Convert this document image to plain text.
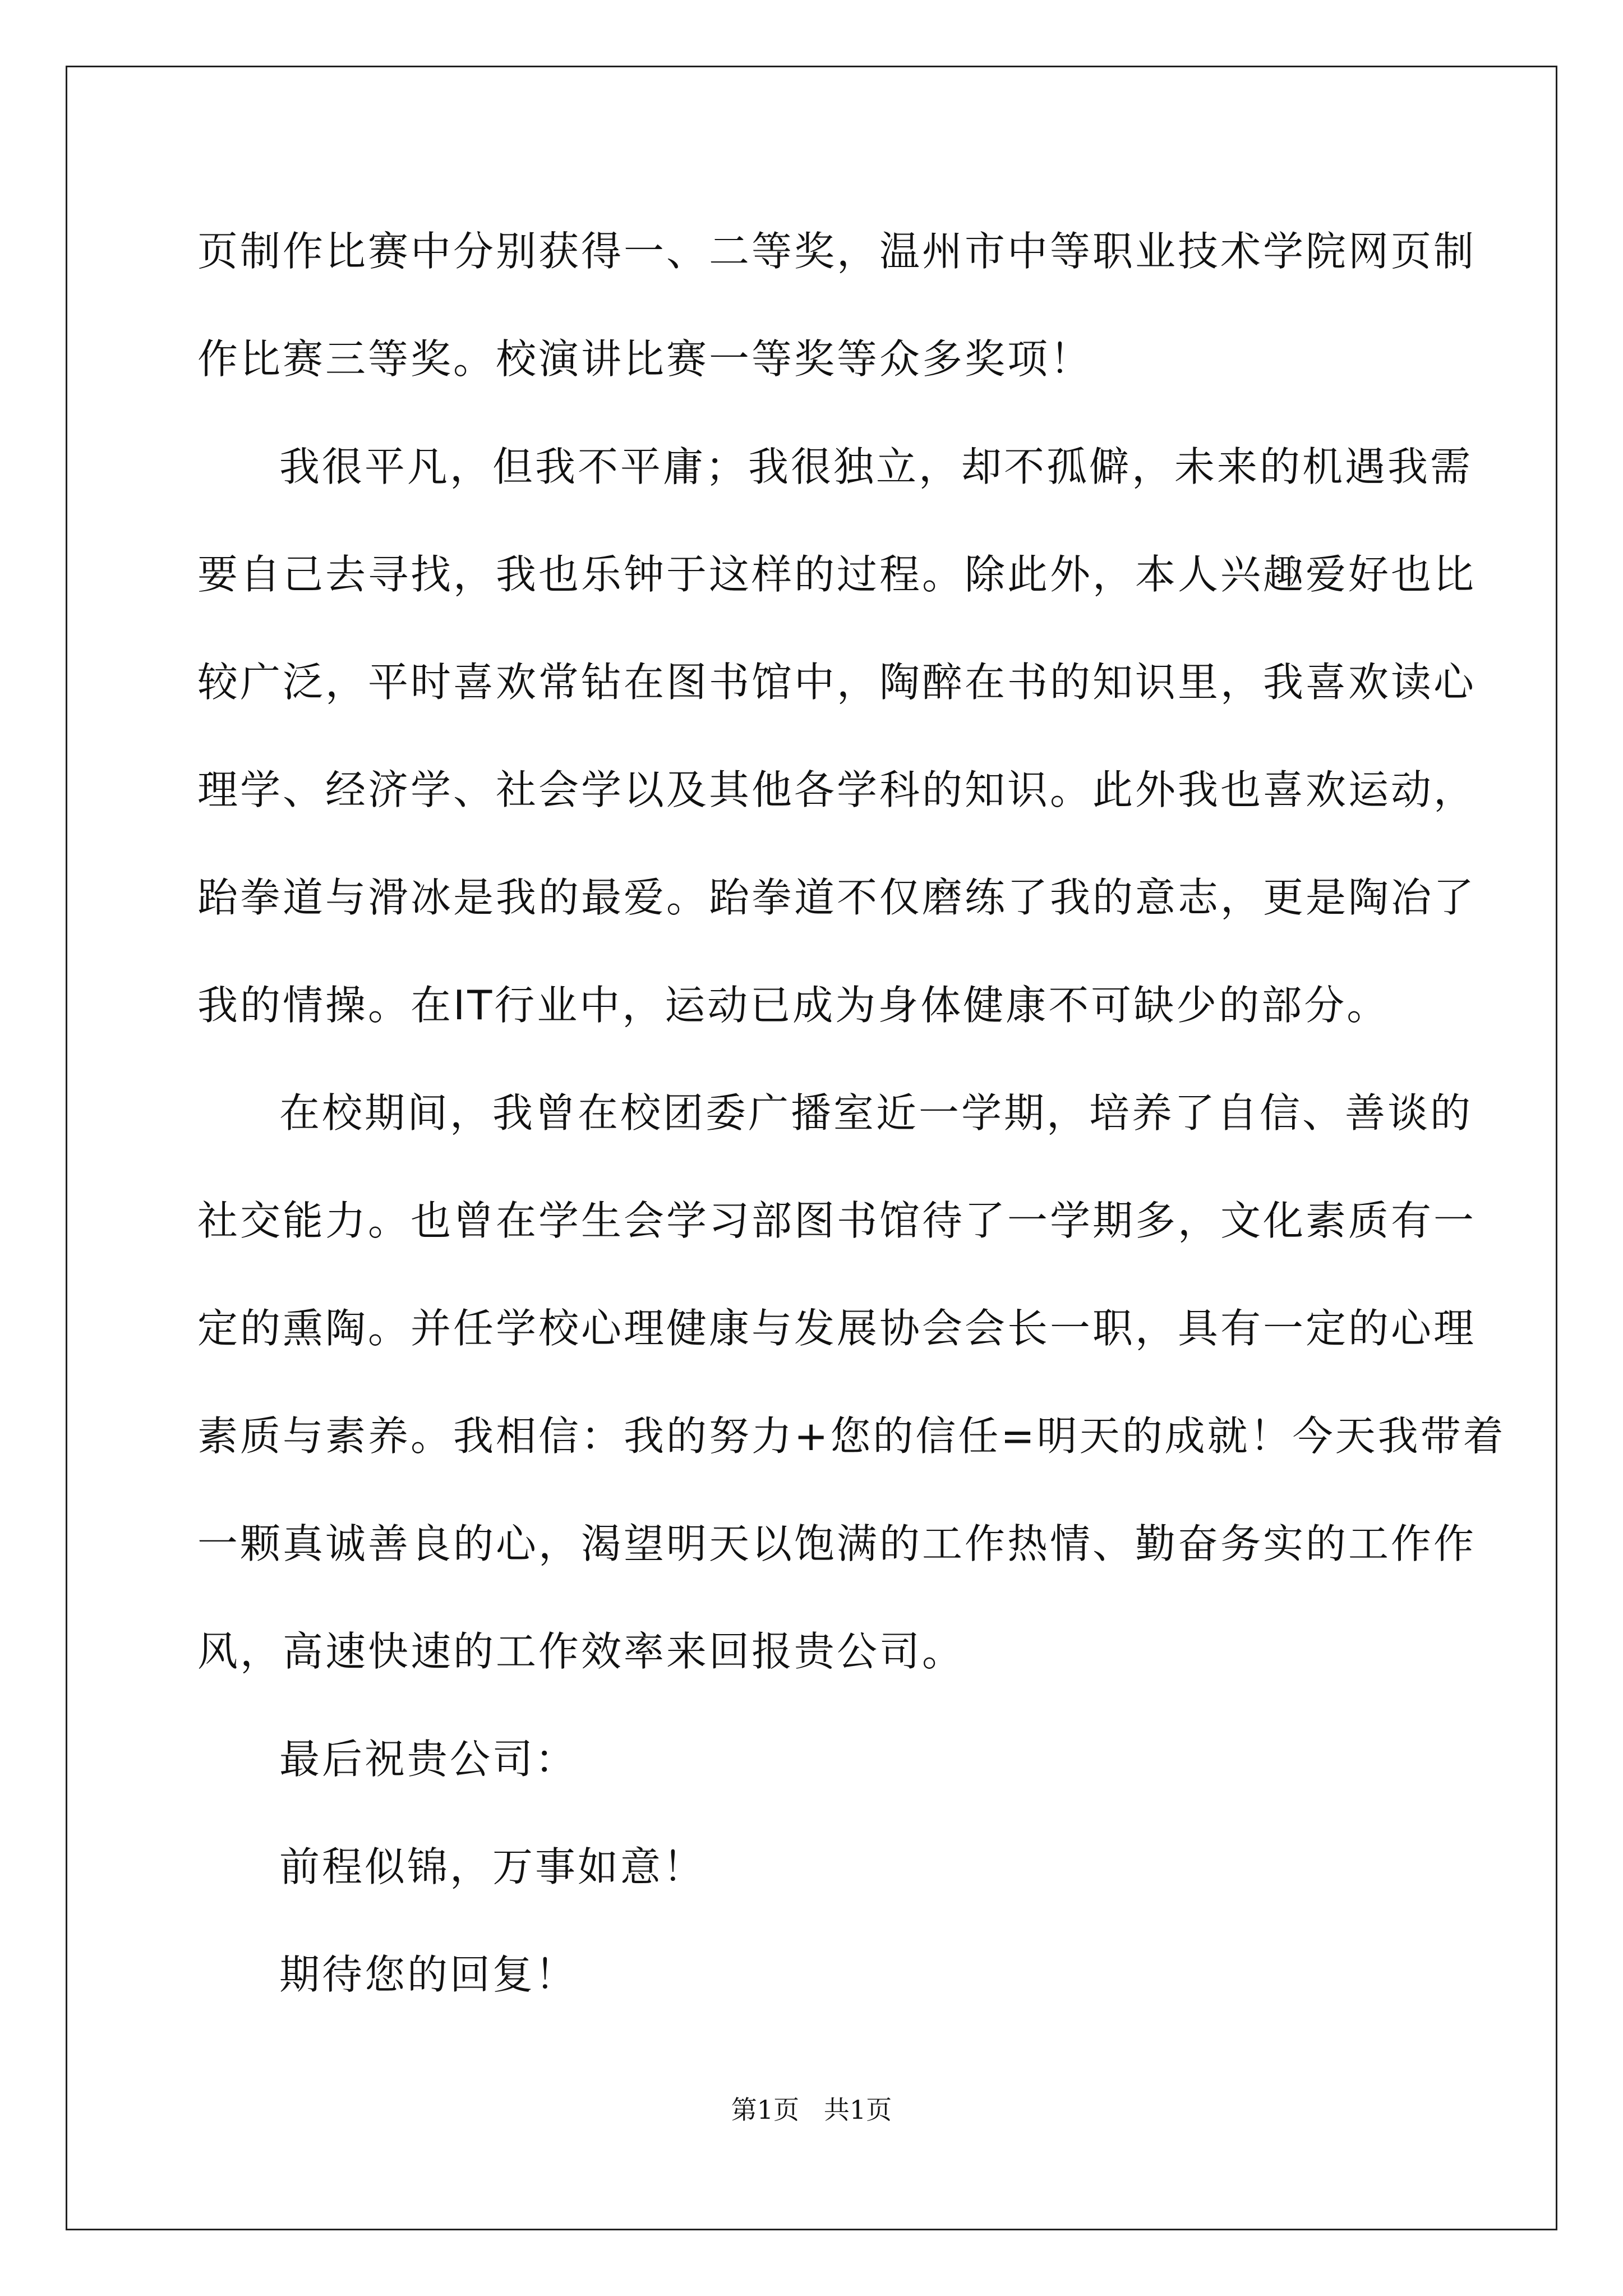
页制作比赛中分别获得一、二等奖，温州市中等职业技术学院网页制
作比赛三等奖。校演讲比赛一等奖等众多奖项！
我很平凡，但我不平庸；我很独立，却不孤僻，未来的机遇我需
要自己去寻找，我也乐钟于这样的过程。除此外，本人兴趣爱好也比
较广泛，平时喜欢常钻在图书馆中，陶醉在书的知识里，我喜欢读心
理学、经济学、社会学以及其他各学科的知识。此外我也喜欢运动，
跆拳道与滑冰是我的最爱。跆拳道不仅磨练了我的意志，更是陶冶了
我的情操。在IT行业中，运动已成为身体健康不可缺少的部分。
在校期间，我曾在校团委广播室近一学期，培养了自信、善谈的
社交能力。也曾在学生会学习部图书馆待了一学期多，文化素质有一
定的熏陶。并任学校心理健康与发展协会会长一职，具有一定的心理
素质与素养。我相信：我的努力+您的信任=明天的成就！今天我带着
一颗真诚善良的心，渴望明天以饱满的工作热情、勤奋务实的工作作
风，高速快速的工作效率来回报贵公司。
最后祝贵公司：
前程似锦，万事如意！
期待您的回复！
第1页   共1页
